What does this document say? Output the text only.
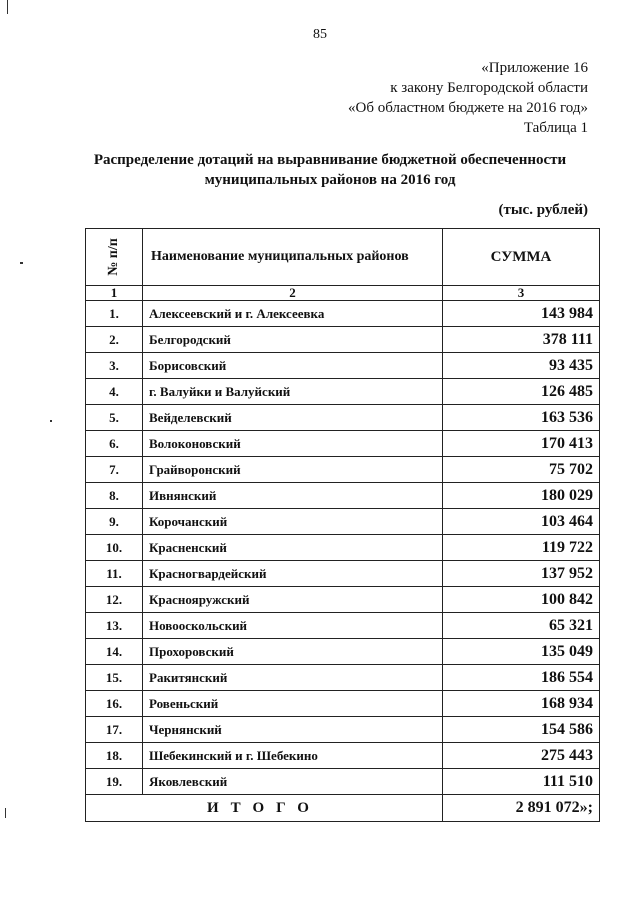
85
«Приложение 16
к закону Белгородской области
«Об областном бюджете на 2016 год»
Таблица 1
Распределение дотаций на выравнивание бюджетной обеспеченности
муниципальных районов на 2016 год
(тыс. рублей)
№ п/п	Наименование муниципальных районов	СУММА
1	2	3
1.	Алексеевский и г. Алексеевка	143 984
2.	Белгородский	378 111
3.	Борисовский	93 435
4.	г. Валуйки и Валуйский	126 485
5.	Вейделевский	163 536
6.	Волоконовский	170 413
7.	Грайворонский	75 702
8.	Ивнянский	180 029
9.	Корочанский	103 464
10.	Красненский	119 722
11.	Красногвардейский	137 952
12.	Краснояружский	100 842
13.	Новооскольский	65 321
14.	Прохоровский	135 049
15.	Ракитянский	186 554
16.	Ровеньский	168 934
17.	Чернянский	154 586
18.	Шебекинский и г. Шебекино	275 443
19.	Яковлевский	111 510
ИТОГО		2 891 072»;
